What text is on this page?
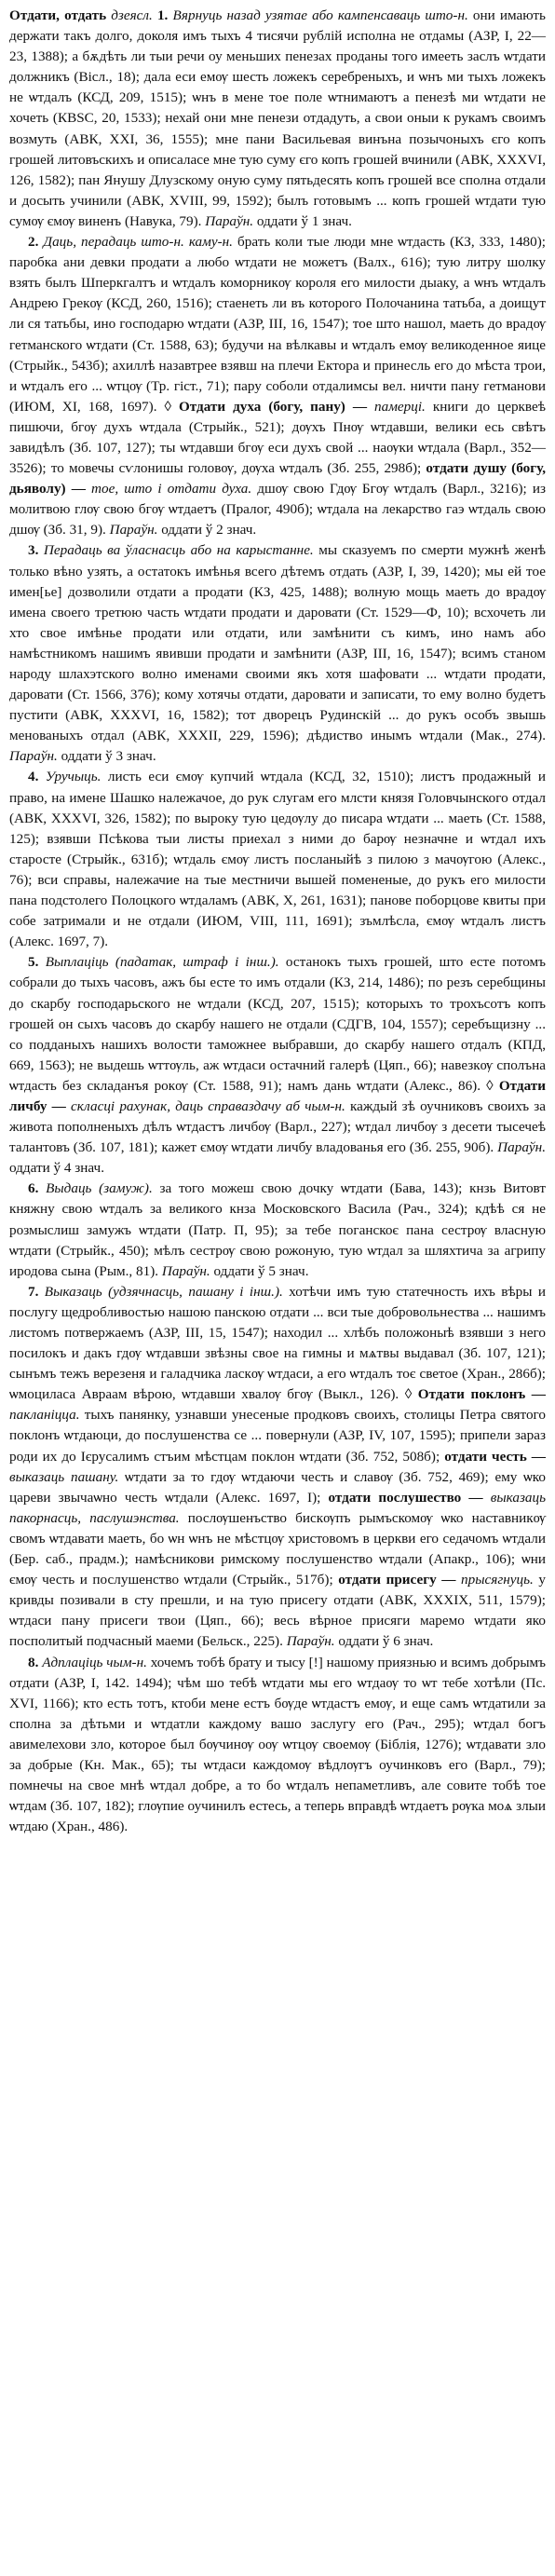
Отдати, отдать дзеясл. 1. Вярнуць назад узятае або кампенсаваць што-н. они имають держати такъ долго, доколя имъ тыхъ 4 тисячи рублій исполна не отдамы (АЗР, І, 22—23, 1388); а бѫдѣть ли тыи речи оу меньших пенезах проданы того имееть заслъ ѡтдати должникъ (Вісл., 18); дала еси емѹ шесть ложекъ серебреныхъ, и ѡнъ ми тыхъ ложекъ не ѡтдалъ (КСД, 209, 1515); ѡнъ в мене тое поле ѡтнимаютъ а пенезѣ ми ѡтдати не хочеть (КВЅС, 20, 1533); нехай они мне пенези отдадуть, а свои оныи к рукамъ своимъ возмуть (АВК, ХХІ, 36, 1555); мне пани Васильевая винъна позычоныхъ єго копъ грошей литовъскихъ и описаласе мне тую суму єго копъ грошей вчинили (АВК, ХХХVІ, 126, 1582); пан Янушу Длузскому оную суму пятьдесять копъ грошей все сполна отдали и досыть учинили (АВК, ХVІІІ, 99, 1592); былъ готовымъ ... копъ грошей ѡтдати тую сумѹ ємѹ виненъ (Навука, 79). Параўн. оддати ў 1 знач.

2. Даць, перадаць што-н. каму-н. брать коли тые люди мне ѡтдасть (КЗ, 333, 1480); паробка ани девки продати а любо ѡтдати не можетъ (Валх., 616); тую литру шолку взять былъ Шперкгалтъ и ѡтдалъ коморникѹ короля его милости дыаку, а ѡнъ ѡтдалъ Андрею Грекѹ (КСД, 260, 1516); стаенеть ли въ которого Полочанина татьба, а доищут ли ся татьбы, ино господарю ѡтдати (АЗР, ІІІ, 16, 1547); тое што нашол, маеть до врадѹ гетманского ѡтдати (Ст. 1588, 63); будучи на вѣлкавы и ѡтдалъ емѹ великоденное яице (Стрыйк., 543б); ахиллѣ назавтрее взявш на плечи Ектора и принесль его до мѣста трои, и ѡтдалъ его ... ѡтцѹ (Тр. гіст., 71); пару соболи отдалимсы вел. ничти пану гетманови (ИЮМ, ХІ, 168, 1697). ◊ Отдати духа (богу, пану) — памерці. книги до церквеѣ пишючи, бгѹ духъ ѡтдала (Стрыйк., 521); дѹхъ Пнѹ ѡтдавши, велики есь свѣтъ завидѣлъ (Зб. 107, 127); ты ѡтдавши бгѹ еси духъ свой ... наѹки ѡтдала (Варл., 352—3526); то мовечы сѵлонишы головѹ, дѹха ѡтдалъ (Зб. 255, 298б); отдати душу (богу, дьяволу) — тое, што і отдати духа. дшѹ свою Гдѹ Бгѹ ѡтдалъ (Варл., 3216); из молитвою глѹ свою бгѹ ѡтдаетъ (Пралог, 490б); ѡтдала на лекарство гаэ ѡтдаль свою дшѹ (Зб. 31, 9). Параўн. оддати ў 2 знач.

3. Перадаць ва ўласнасць або на карыстанне. мы сказуемъ по смерти мужнѣ женѣ только вѣно узять, а остатокъ имѣнья всего дѣтемъ отдать (АЗР, І, 39, 1420); мы ей тое имен[ье] дозволили отдати а продати (КЗ, 425, 1488); волную мощь маеть до врадѹ имена своего третюю часть ѡтдати продати и даровати (Ст. 1529—Ф, 10); всхочеть ли хто свое имѣнье продати или отдати, или замѣнити съ кимъ, ино намъ або намѣстникомъ нашимъ явивши продати и замѣнити (АЗР, ІІІ, 16, 1547); всимъ станом народу шлахэтского волно именами своими якъ хотя шафовати ... ѡтдати продати, даровати (Ст. 1566, 376); кому хотячы отдати, даровати и записати, то ему волно будетъ пустити (АВК, ХХХVІ, 16, 1582); тот дворецъ Рудинскій ... до рукъ особъ звышь менованыхъ отдал (АВК, ХХХІІ, 229, 1596); дѣдиство инымъ ѡтдали (Мак., 274). Параўн. оддати ў 3 знач.

4. Уручыць. листь еси ємѹ купчий ѡтдала (КСД, 32, 1510); листъ продажный и право, на имене Шашко належачое, до рук слугам его млсти князя Головчынского отдал (АВК, ХХХVІ, 326, 1582); по выроку тую цедѹлу до писара ѡтдати ... маеть (Ст. 1588, 125); взявши Псѣкова тыи листы приехал з ними до барѹ незначне и ѡтдал ихъ старосте (Стрыйк., 631б); ѡтдаль ємѹ листъ посланыйѣ з пилою з мачѹгою (Алекс., 76); вси справы, належачие на тые местничи вышей помененые, до рукъ его милости пана подстолего Полоцкого ѡтдаламъ (АВК, Х, 261, 1631); панове поборцове квиты при собе затримали и не отдали (ИЮМ, VІІІ, 111, 1691); зъмлѣсла, ємѹ ѡтдалъ листъ (Алекс. 1697, 7).

5. Выплаціць (падатак, штраф і інш.). останокъ тыхъ грошей, што есте потомъ собрали до тыхъ часовъ, ажъ бы есте то имъ отдали (КЗ, 214, 1486); по резъ серебщины до скарбу господарьского не ѡтдали (КСД, 207, 1515); которыхъ то трохъсотъ копъ грошей он сыхъ часовъ до скарбу нашего не отдали (СДГВ, 104, 1557); серебъщизну ... со подданыхъ нашихъ волости таможнее выбравши, до скарбу нашего отдалъ (КПД, 669, 1563); не выдешь ѡттѹль, аж ѡтдаси остачний галерѣ (Цяп., 66); навезкѹ сполъна ѡтдасть без складанъя рокѹ (Ст. 1588, 91); намъ дань ѡтдати (Алекс., 86). ◊ Отдати личбу — скласці рахунак, даць справаздачу аб чым-н. каждый зѣ оучниковъ своихъ за живота пополненыхъ дѣлъ ѡтдастъ личбѹ (Варл., 227); ѡтдал личбѹ з десети тысечеѣ талантовъ (Зб. 107, 181); кажет ємѹ ѡтдати личбу владованья его (Зб. 255, 90б). Параўн. оддати ў 4 знач.

6. Выдаць (замуж). за того можеш свою дочку ѡтдати (Бава, 143); кнзь Витовт княжну свою ѡтдалъ за великого кнза Московского Васила (Рач., 324); кдѣѣ ся не розмыслиш замужъ ѡтдати (Патр. П, 95); за тебе поганскоє пана сестрѹ власную ѡтдати (Стрыйк., 450); мѣлъ сестрѹ свою рожоную, тую ѡтдал за шляхтича за агрипу иродова сына (Рым., 81). Параўн. оддати ў 5 знач.

7. Выказаць (удзячнасць, пашану і інш.). хотѣчи имъ тую статечность ихъ вѣры и послугу щедробливостью нашою панскою отдати ... вси тые добровольнества ... нашимъ листомъ потвержаемъ (АЗР, ІІІ, 15, 1547); находил ... хлѣбъ положоныѣ взявши з него посилокъ и дакъ гдѹ ѡтдавши звѣзны свое на гимны и мѧтвы выдавал (Зб. 107, 121); сынъмъ тежъ верезеня и галадчика ласкѹ ѡтдаси, а его ѡтдалъ тоє светое (Хран., 286б); ѡмоциласа Авраам вѣрою, ѡтдавши хвалѹ бгѹ (Выкл., 126). ◊ Отдати поклонъ — пакланіцца. тыхъ панянку, узнавши унесеные продковъ своихъ, столицы Петра святого поклонъ ѡтдаюци, до послушенства се ... повернули (АЗР, ІV, 107, 1595); припели зараз роди их до Ієрусалимъ стъим мѣстцам поклон ѡтдати (Зб. 752, 508б); отдати честь — выказаць пашану. ѡтдати за то гдѹ ѡтдаючи честь и славѹ (Зб. 752, 469); ему ѡко цареви звычаѡно честь ѡтдали (Алекс. 1697, І); отдати послушество — выказаць пакорнасць, паслушэнства. послѹшенъство бискѹпъ рымъскомѹ ѡко наставникѹ свомъ ѡтдавати маеть, бо ѡн ѡнъ не мѣстцѹ христовомъ в церкви его седачомъ ѡтдали (Бер. саб., прадм.); намѣсникови римскому послушенство ѡтдали (Апакр., 106); ѡни ємѹ честь и послушенство ѡтдали (Стрыйк., 517б); отдати присегу — прысягнуць. у кривды позивали в сту прешли, и на тую присегу отдати (АВК, ХХХІХ, 511, 1579); ѡтдаси пану присеги твои (Цяп., 66); весь вѣрное присяги маремо ѡтдати яко посполитый подчасный маеми (Бельск., 225). Параўн. оддати ў 6 знач.

8. Адплаціць чым-н. хочемъ тобѣ брату и тысу [!] нашому приязнью и всимъ добрымъ отдати (АЗР, І, 142. 1494); чѣм шо тебѣ ѡтдати мы его ѡтдаѹ то ѡт тебе хотѣли (Пс. ХVІ, 1166); кто есть тотъ, ктоби мене естъ бѹде ѡтдастъ емѹ, и еще самъ ѡтдатили за сполна за дѣтьми и ѡтдатли каждому вашо заслугу его (Рач., 295); ѡтдал богъ авимелехови зло, которое был бѹчинѹ оѹ ѡтцѹ своемѹ (Біблія, 1276); ѡтдавати зло за добрые (Кн. Мак., 65); ты ѡтдаси каждомѹ вѣдлѹгъ оучинковъ его (Варл., 79); помнечы на свое мнѣ ѡтдал добре, а то бо ѡтдалъ непаметливъ, але совите тобѣ тое ѡтдам (Зб. 107, 182); глѹпие оучинилъ естесь, а теперь вправдѣ ѡтдаетъ рѹка моѧ злыи ѡтдаю (Хран., 486).
